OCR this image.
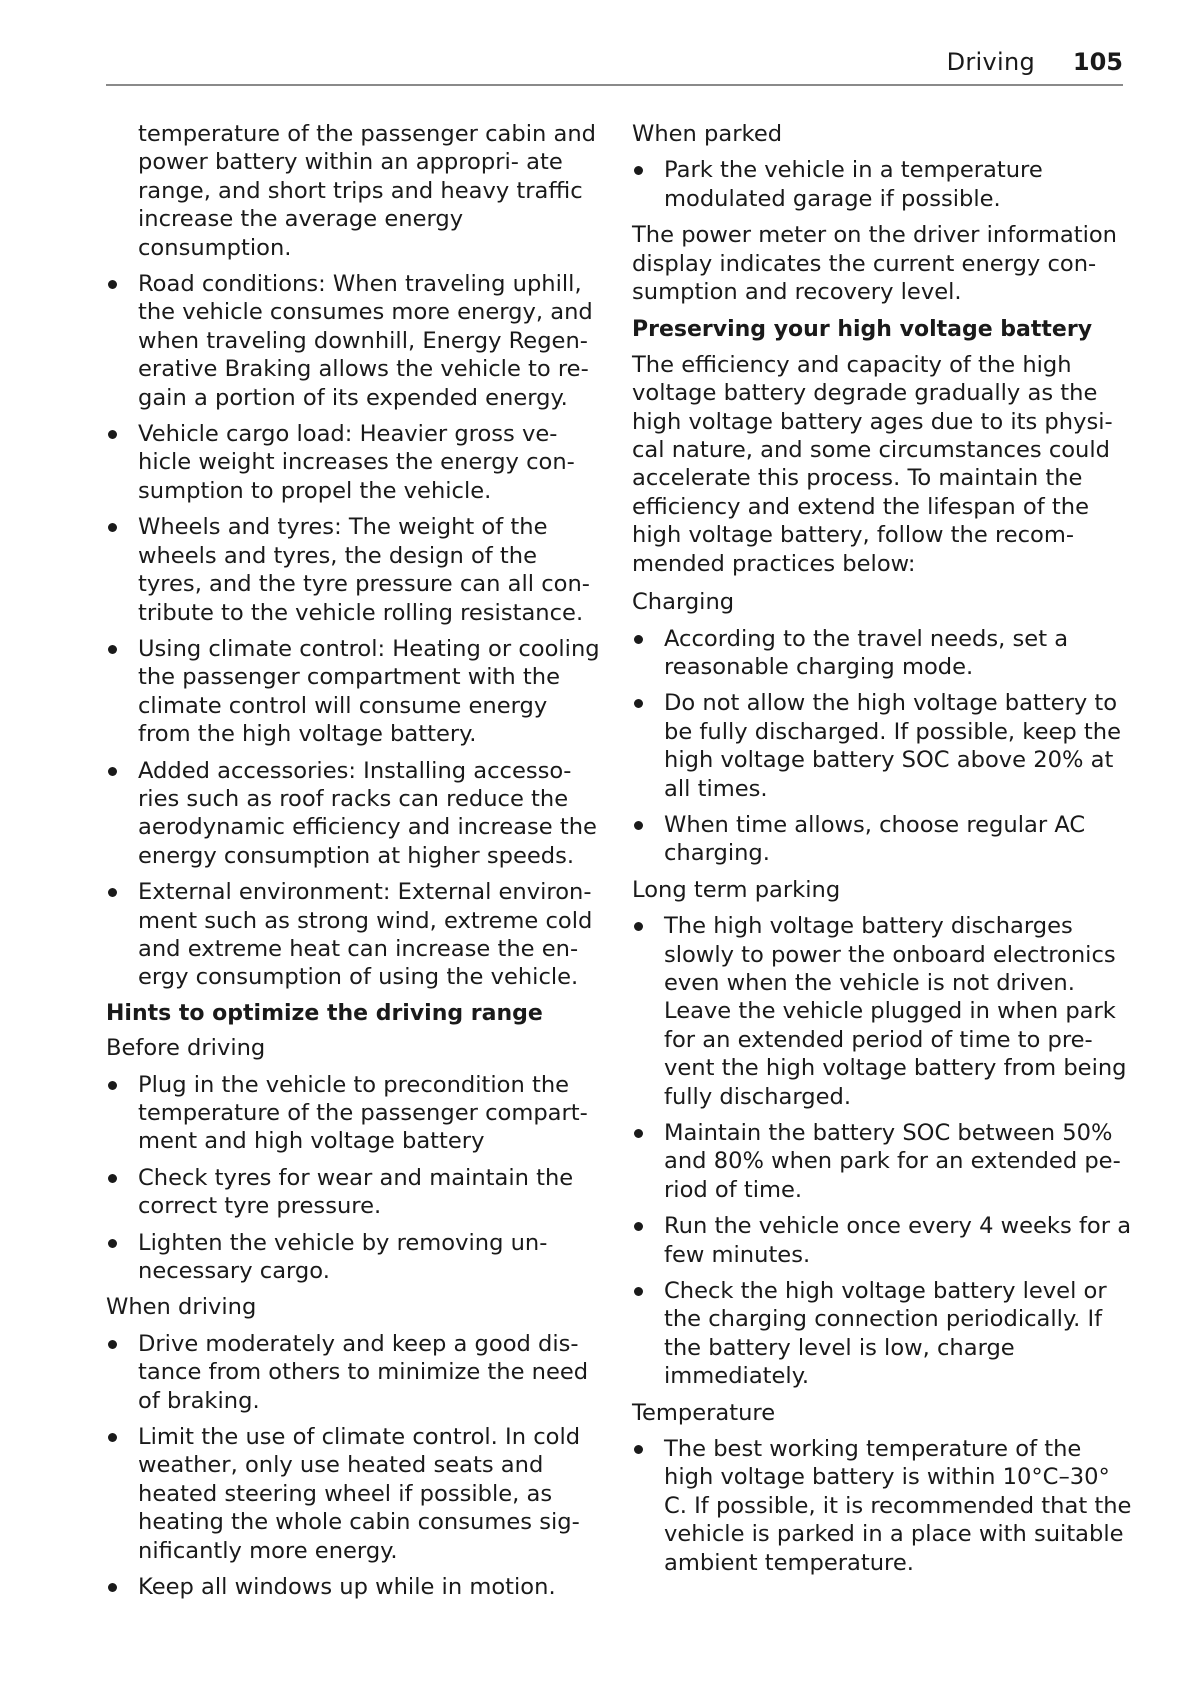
Driving 105

temperature of the passenger cabin and power battery within an appropri‐ ate range, and short trips and heavy traffic increase the average energy consumption.

Road conditions: When traveling uphill, the vehicle consumes more energy, and when traveling downhill, Energy Regen‐ erative Braking allows the vehicle to re‐ gain a portion of its expended energy.
Vehicle cargo load: Heavier gross ve‐ hicle weight increases the energy con‐ sumption to propel the vehicle.
Wheels and tyres: The weight of the wheels and tyres, the design of the tyres, and the tyre pressure can all con‐ tribute to the vehicle rolling resistance.
Using climate control: Heating or cooling the passenger compartment with the climate control will consume energy from the high voltage battery.
Added accessories: Installing accesso‐ ries such as roof racks can reduce the aerodynamic efficiency and increase the energy consumption at higher speeds.
External environment: External environ‐ ment such as strong wind, extreme cold and extreme heat can increase the en‐ ergy consumption of using the vehicle.

Hints to optimize the driving range

Before driving

Plug in the vehicle to precondition the temperature of the passenger compart‐ ment and high voltage battery
Check tyres for wear and maintain the correct tyre pressure.
Lighten the vehicle by removing un‐ necessary cargo.

When driving

Drive moderately and keep a good dis‐ tance from others to minimize the need of braking.
Limit the use of climate control. In cold weather, only use heated seats and heated steering wheel if possible, as heating the whole cabin consumes sig‐ nificantly more energy.
Keep all windows up while in motion.

When parked

Park the vehicle in a temperature modulated garage if possible.

The power meter on the driver information display indicates the current energy con‐ sumption and recovery level.

Preserving your high voltage battery

The efficiency and capacity of the high voltage battery degrade gradually as the high voltage battery ages due to its physi‐ cal nature, and some circumstances could accelerate this process. To maintain the efficiency and extend the lifespan of the high voltage battery, follow the recom‐ mended practices below:

Charging

According to the travel needs, set a reasonable charging mode.
Do not allow the high voltage battery to be fully discharged. If possible, keep the high voltage battery SOC above 20% at all times.
When time allows, choose regular AC charging.

Long term parking

The high voltage battery discharges slowly to power the onboard electronics even when the vehicle is not driven. Leave the vehicle plugged in when park for an extended period of time to pre‐ vent the high voltage battery from being fully discharged.
Maintain the battery SOC between 50% and 80% when park for an extended pe‐ riod of time.
Run the vehicle once every 4 weeks for a few minutes.
Check the high voltage battery level or the charging connection periodically. If the battery level is low, charge immediately.

Temperature

The best working temperature of the high voltage battery is within 10°C–30° C. If possible, it is recommended that the vehicle is parked in a place with suitable ambient temperature.
